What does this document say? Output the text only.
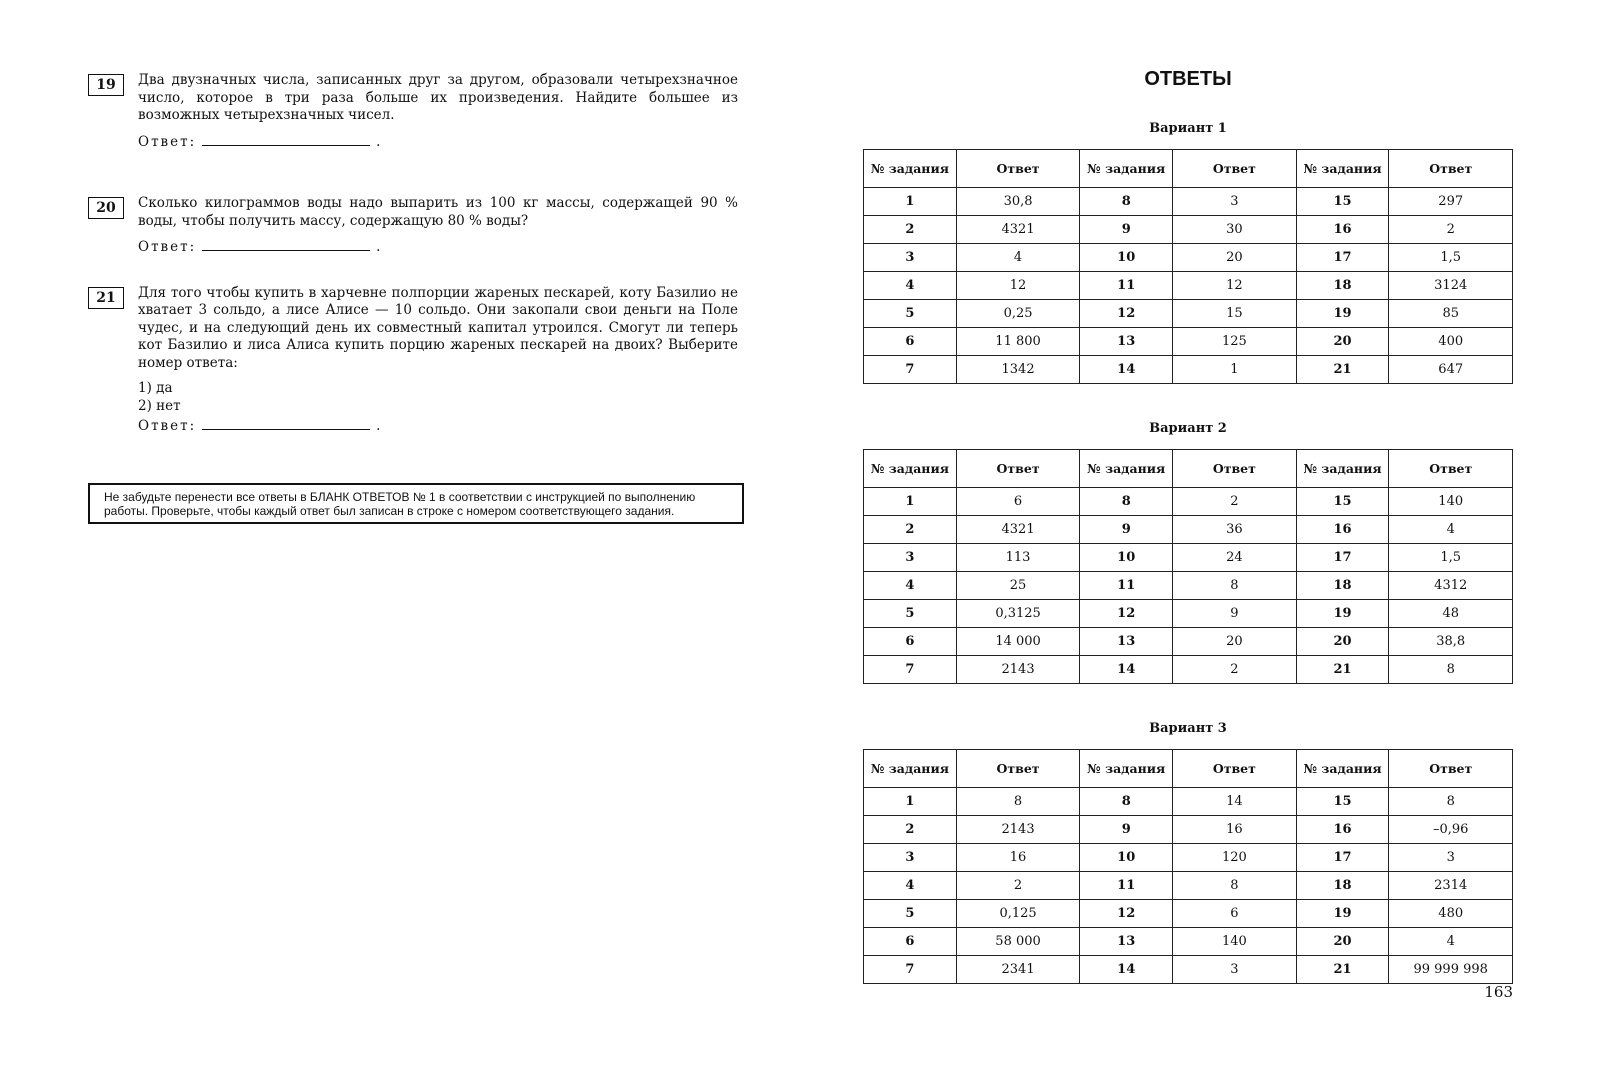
19	Два двузначных числа, записанных друг за другом, образовали четырехзначное число, которое в три раза больше их произведения. Найдите большее из возможных четырехзначных чисел.

Ответ:	.
20	Сколько килограммов воды надо выпарить из 100 кг массы, содержащей 90 % воды, чтобы получить массу, содержащую 80 % воды?

Ответ:	.
21	Для того чтобы купить в харчевне полпорции жареных пескарей, коту Базилио не хватает 3 сольдо, а лисе Алисе — 10 сольдо. Они закопали свои деньги на Поле чудес, и на следующий день их совместный капитал утроился. Смогут ли теперь кот Базилио и лиса Алиса купить порцию жареных пескарей на двоих? Выберите номер ответа:

1) да

2) нет

Ответ:	.
Не забудьте перенести все ответы в БЛАНК ОТВЕТОВ № 1 в соответствии с инструкцией по выполнению работы. Проверьте, чтобы каждый ответ был записан в строке с номером соответствующего задания.
ОТВЕТЫ

Вариант 1

№ задания	Ответ	№ задания	Ответ	№ задания	Ответ
1	30,8	8	3	15	297
2	4321	9	30	16	2
3	4	10	20	17	1,5
4	12	11	12	18	3124
5	0,25	12	15	19	85
6	11 800	13	125	20	400
7	1342	14	1	21	647

Вариант 2

№ задания	Ответ	№ задания	Ответ	№ задания	Ответ
1	6	8	2	15	140
2	4321	9	36	16	4
3	113	10	24	17	1,5
4	25	11	8	18	4312
5	0,3125	12	9	19	48
6	14 000	13	20	20	38,8
7	2143	14	2	21	8

Вариант 3

№ задания	Ответ	№ задания	Ответ	№ задания	Ответ
1	8	8	14	15	8
2	2143	9	16	16	–0,96
3	16	10	120	17	3
4	2	11	8	18	2314
5	0,125	12	6	19	480
6	58 000	13	140	20	4
7	2341	14	3	21	99 999 998
163
